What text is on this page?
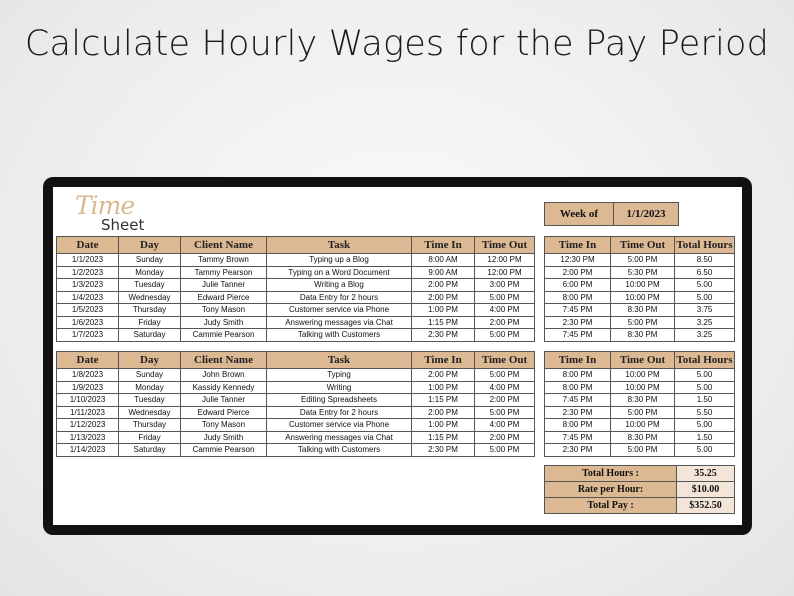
Calculate Hourly Wages for the Pay Period
Time
Sheet
Week of	1/1/2023
Date	Day	Client Name	Task	Time In	Time Out
1/1/2023	Sunday	Tammy Brown	Typing up a Blog	8:00 AM	12:00 PM
1/2/2023	Monday	Tammy Pearson	Typing on a Word Document	9:00 AM	12:00 PM
1/3/2023	Tuesday	Julie Tanner	Writing a Blog	2:00 PM	3:00 PM
1/4/2023	Wednesday	Edward Pierce	Data Entry for 2 hours	2:00 PM	5:00 PM
1/5/2023	Thursday	Tony Mason	Customer service via Phone	1:00 PM	4:00 PM
1/6/2023	Friday	Judy Smith	Answering messages via Chat	1:15 PM	2:00 PM
1/7/2023	Saturday	Cammie Pearson	Talking with Customers	2:30 PM	5:00 PM
Time In	Time Out	Total Hours
12:30 PM	5:00 PM	8.50
2:00 PM	5:30 PM	6.50
6:00 PM	10:00 PM	5.00
8:00 PM	10:00 PM	5.00
7:45 PM	8:30 PM	3.75
2:30 PM	5:00 PM	3.25
7:45 PM	8:30 PM	3.25
Date	Day	Client Name	Task	Time In	Time Out
1/8/2023	Sunday	John Brown	Typing	2:00 PM	5:00 PM
1/9/2023	Monday	Kassidy Kennedy	Writing	1:00 PM	4:00 PM
1/10/2023	Tuesday	Julie Tanner	Editing Spreadsheets	1:15 PM	2:00 PM
1/11/2023	Wednesday	Edward Pierce	Data Entry for 2 hours	2:00 PM	5:00 PM
1/12/2023	Thursday	Tony Mason	Customer service via Phone	1:00 PM	4:00 PM
1/13/2023	Friday	Judy Smith	Answering messages via Chat	1:15 PM	2:00 PM
1/14/2023	Saturday	Cammie Pearson	Talking with Customers	2:30 PM	5:00 PM
Time In	Time Out	Total Hours
8:00 PM	10:00 PM	5.00
8:00 PM	10:00 PM	5.00
7:45 PM	8:30 PM	1.50
2:30 PM	5:00 PM	5.50
8:00 PM	10:00 PM	5.00
7:45 PM	8:30 PM	1.50
2:30 PM	5:00 PM	5.00
Total Hours :	35.25
Rate per Hour:	$10.00
Total Pay :	$352.50
